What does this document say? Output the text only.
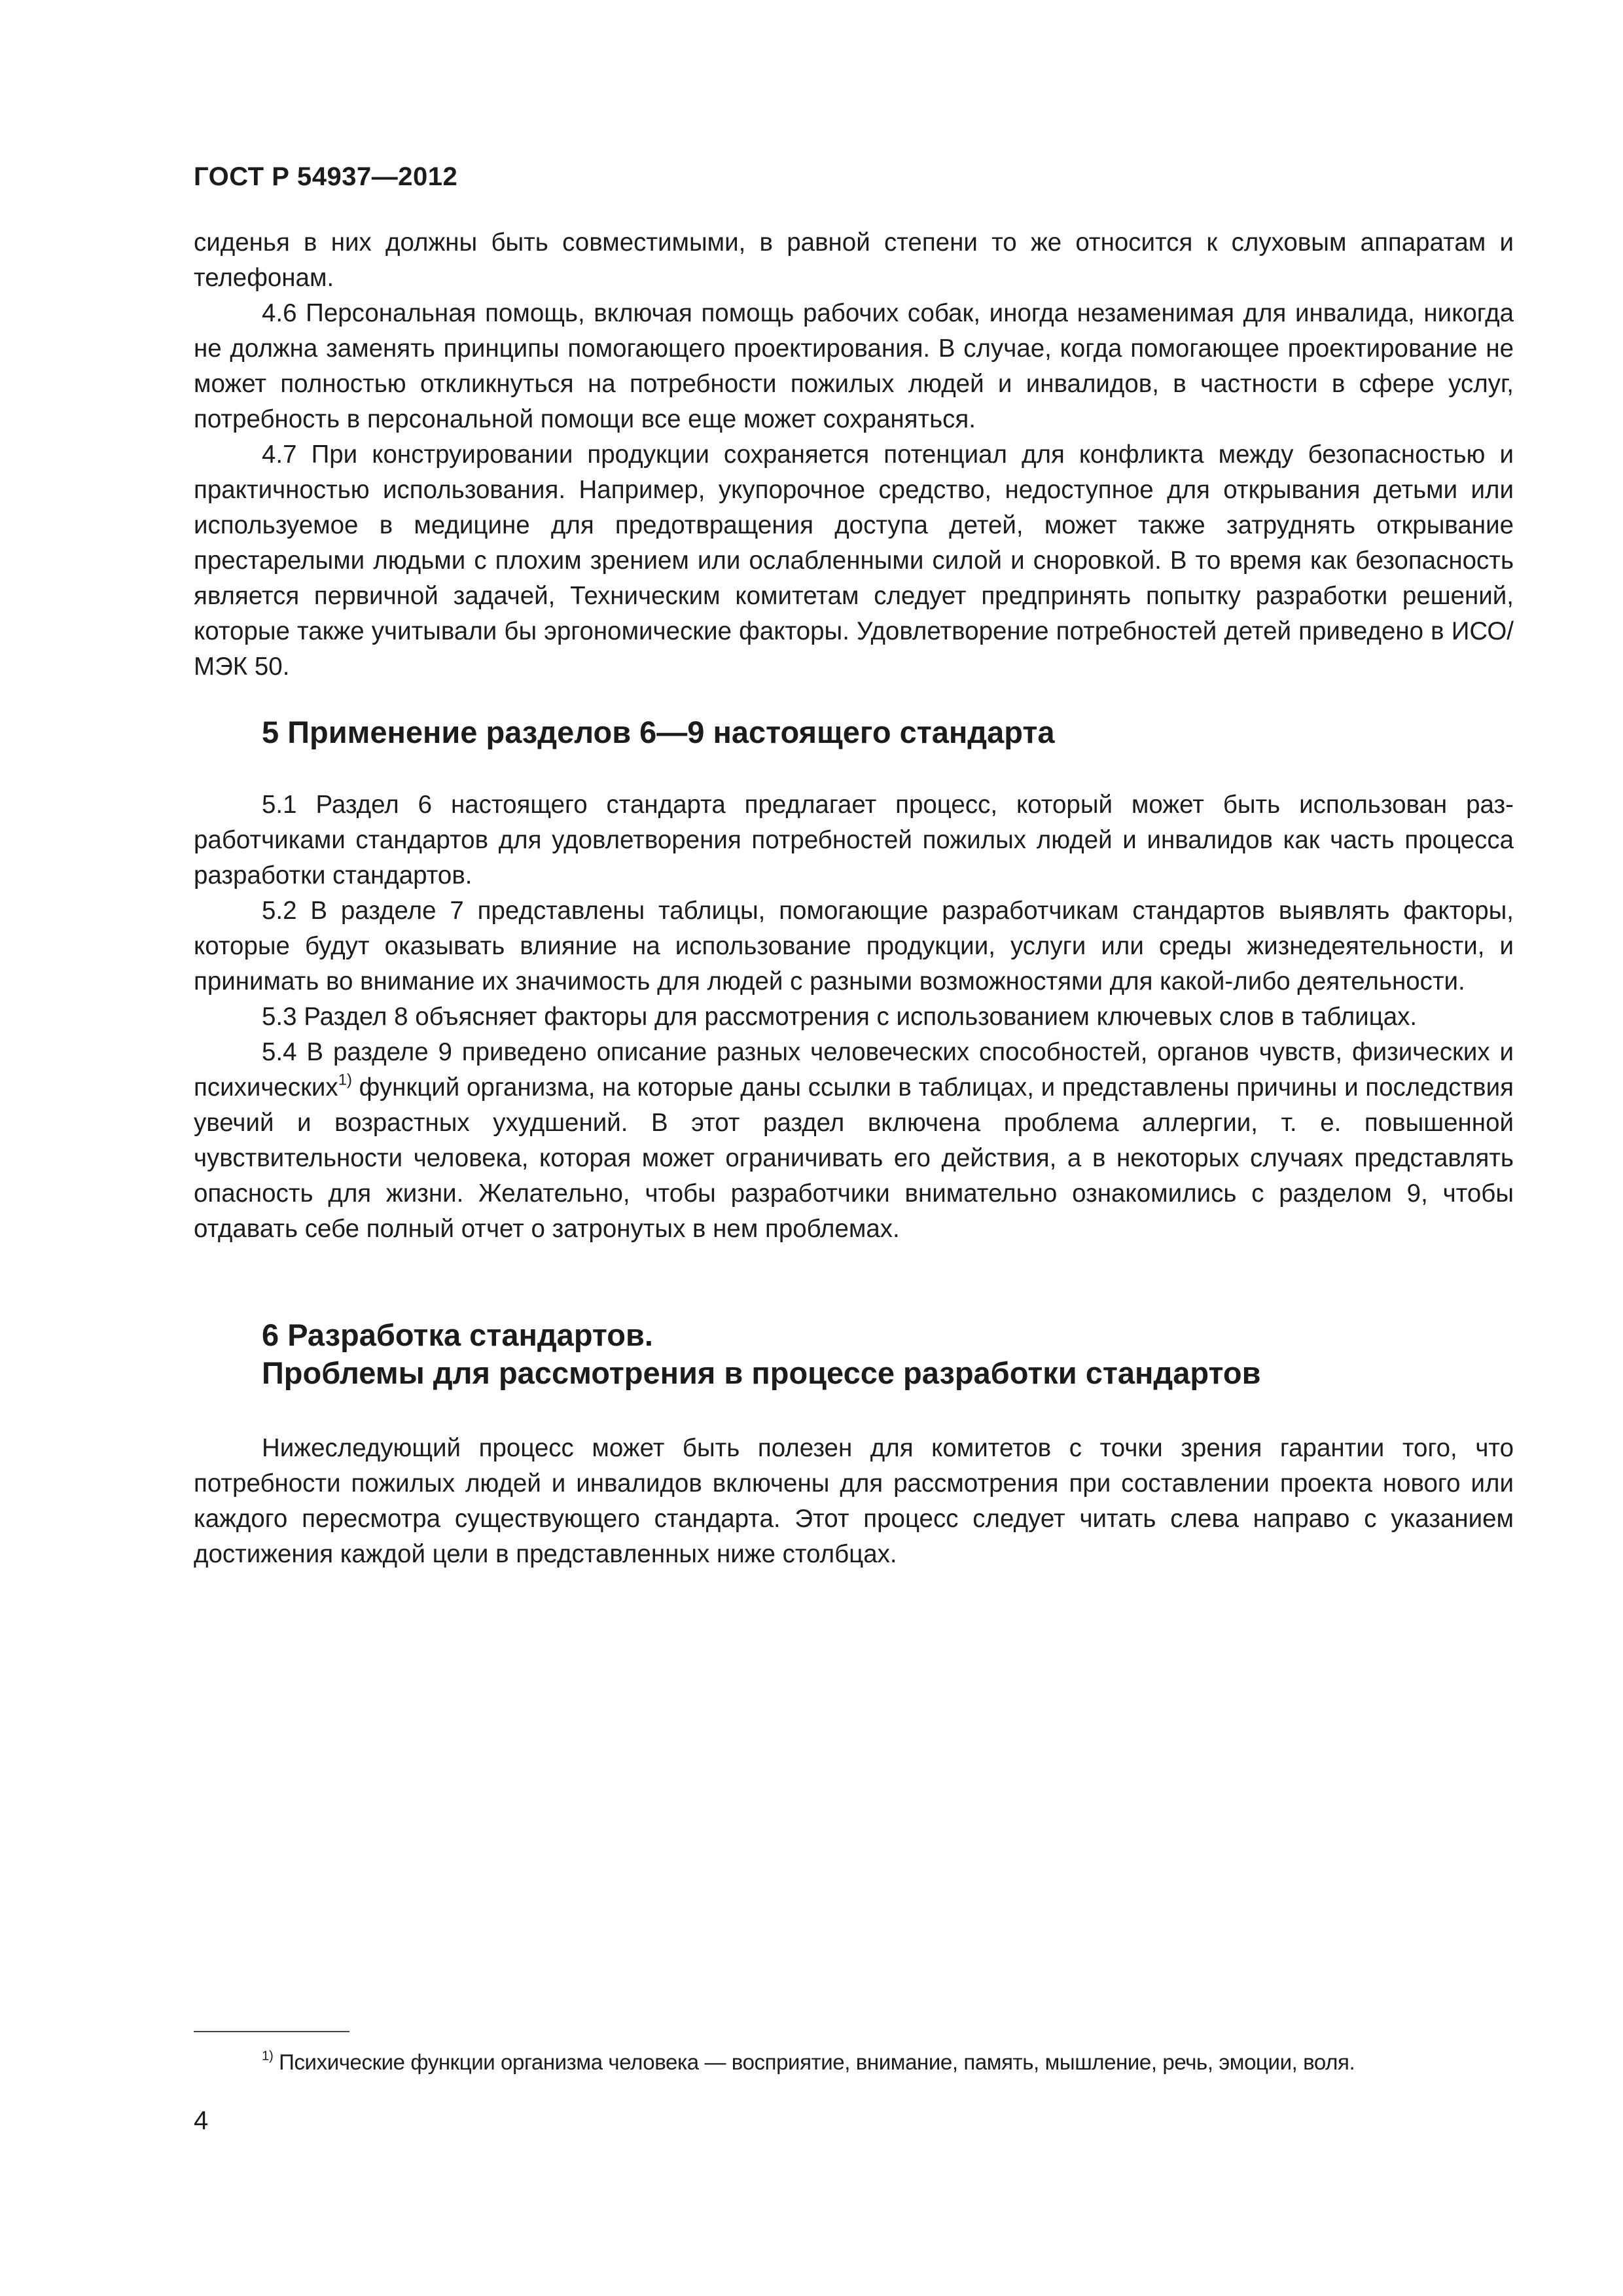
ГОСТ Р 54937—2012

сиденья в них должны быть совместимыми, в равной степени то же относится к слуховым аппаратам и телефонам.

4.6 Персональная помощь, включая помощь рабочих собак, иногда незаменимая для инвалида, никогда не должна заменять принципы помогающего проектирования. В случае, когда помогающее проектирование не может полностью откликнуться на потребности пожилых людей и инвалидов, в частности в сфере услуг, потребность в персональной помощи все еще может сохраняться.

4.7 При конструировании продукции сохраняется потенциал для конфликта между безопасностью и практичностью использования. Например, укупорочное средство, недоступное для открывания детьми или используемое в медицине для предотвращения доступа детей, может также затруднять открывание престарелыми людьми с плохим зрением или ослабленными силой и сноровкой. В то время как безопасность является первичной задачей, Техническим комитетам следует предпринять попытку разработки решений, которые также учитывали бы эргономические факторы. Удовлетворение потребностей детей приведено в ИСО/МЭК 50.

5 Применение разделов 6—9 настоящего стандарта

5.1 Раздел 6 настоящего стандарта предлагает процесс, который может быть использован разработчиками стандартов для удовлетворения потребностей пожилых людей и инвалидов как часть процесса разработки стандартов.

5.2 В разделе 7 представлены таблицы, помогающие разработчикам стандартов выявлять факторы, которые будут оказывать влияние на использование продукции, услуги или среды жизнедеятельности, и принимать во внимание их значимость для людей с разными возможностями для какой-либо деятельности.

5.3 Раздел 8 объясняет факторы для рассмотрения с использованием ключевых слов в таблицах.

5.4 В разделе 9 приведено описание разных человеческих способностей, органов чувств, физических и психических$^{1)}$ функций организма, на которые даны ссылки в таблицах, и представлены причины и последствия увечий и возрастных ухудшений. В этот раздел включена проблема аллергии, т. е. повышенной чувствительности человека, которая может ограничивать его действия, а в некоторых случаях представлять опасность для жизни. Желательно, чтобы разработчики внимательно ознакомились с разделом 9, чтобы отдавать себе полный отчет о затронутых в нем проблемах.

6 Разработка стандартов.

Проблемы для рассмотрения в процессе разработки стандартов

Нижеследующий процесс может быть полезен для комитетов с точки зрения гарантии того, что потребности пожилых людей и инвалидов включены для рассмотрения при составлении проекта нового или каждого пересмотра существующего стандарта. Этот процесс следует читать слева направо с указанием достижения каждой цели в представленных ниже столбцах.

$^{1)}$ Психические функции организма человека — восприятие, внимание, память, мышление, речь, эмоции, воля.
4
